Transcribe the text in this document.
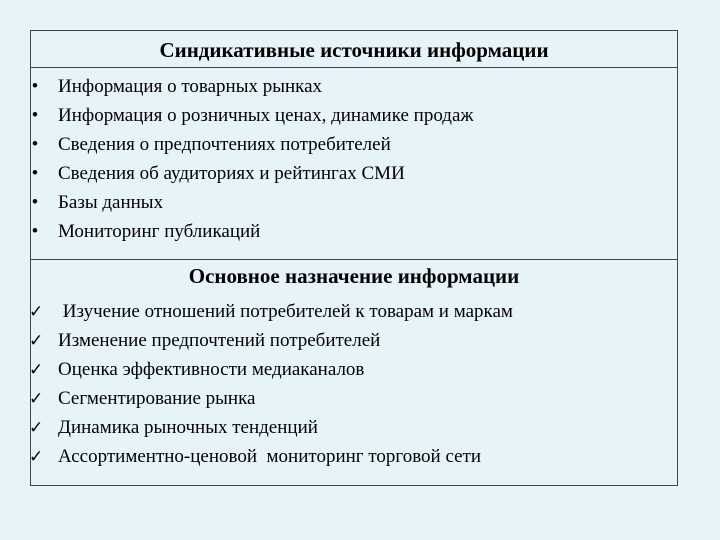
Синдикативные источники информации
• Информация о товарных рынках
• Информация о розничных ценах, динамике продаж
• Сведения о предпочтениях потребителей
• Сведения об аудиториях и рейтингах СМИ
• Базы данных
• Мониторинг публикаций
Основное назначение информации
✓ Изучение отношений потребителей к товарам и маркам
✓ Изменение предпочтений потребителей
✓ Оценка эффективности медиаканалов
✓ Сегментирование рынка
✓ Динамика рыночных тенденций
✓ Ассортиментно-ценовой  мониторинг торговой сети
